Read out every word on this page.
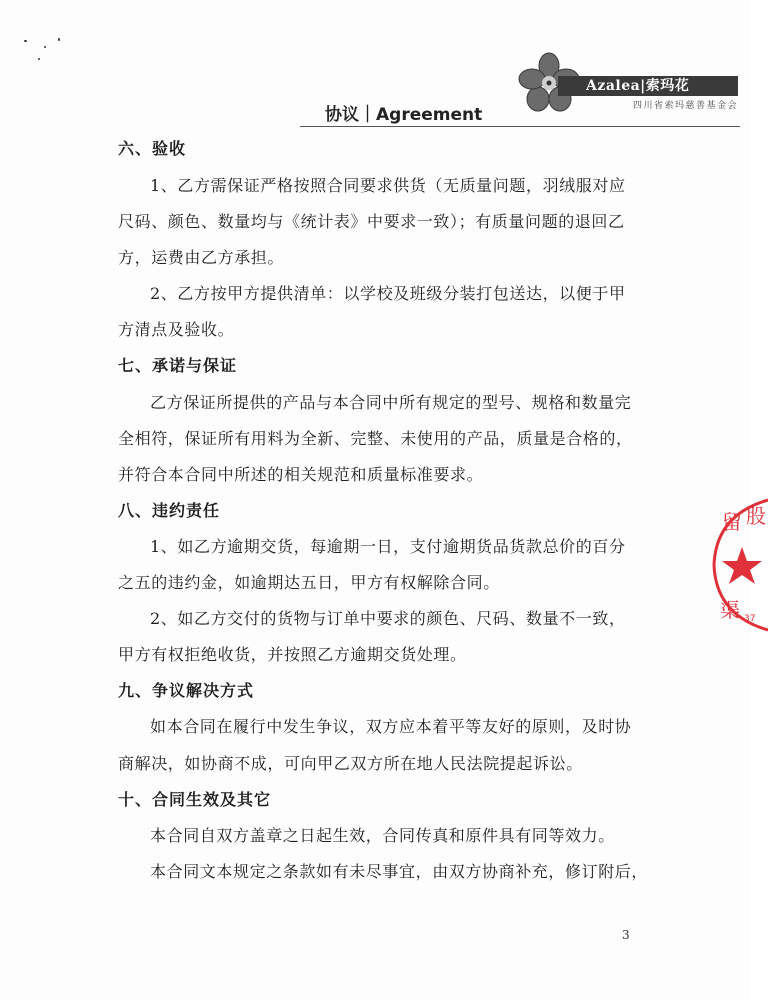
Azalea|索玛花
四川省索玛慈善基金会
协议｜Agreement
六、验收
1、乙方需保证严格按照合同要求供货（无质量问题，羽绒服对应
尺码、颜色、数量均与《统计表》中要求一致）；有质量问题的退回乙
方，运费由乙方承担。
2、乙方按甲方提供清单：以学校及班级分装打包送达，以便于甲
方清点及验收。
七、承诺与保证
乙方保证所提供的产品与本合同中所有规定的型号、规格和数量完
全相符，保证所有用料为全新、完整、未使用的产品，质量是合格的，
并符合本合同中所述的相关规范和质量标准要求。
八、违约责任
1、如乙方逾期交货，每逾期一日，支付逾期货品货款总价的百分
之五的违约金，如逾期达五日，甲方有权解除合同。
2、如乙方交付的货物与订单中要求的颜色、尺码、数量不一致，
甲方有权拒绝收货，并按照乙方逾期交货处理。
九、争议解决方式
如本合同在履行中发生争议，双方应本着平等友好的原则，及时协
商解决，如协商不成，可向甲乙双方所在地人民法院提起诉讼。
十、合同生效及其它
本合同自双方盖章之日起生效，合同传真和原件具有同等效力。
本合同文本规定之条款如有未尽事宜，由双方协商补充，修订附后，
留 股
渠 37
3
